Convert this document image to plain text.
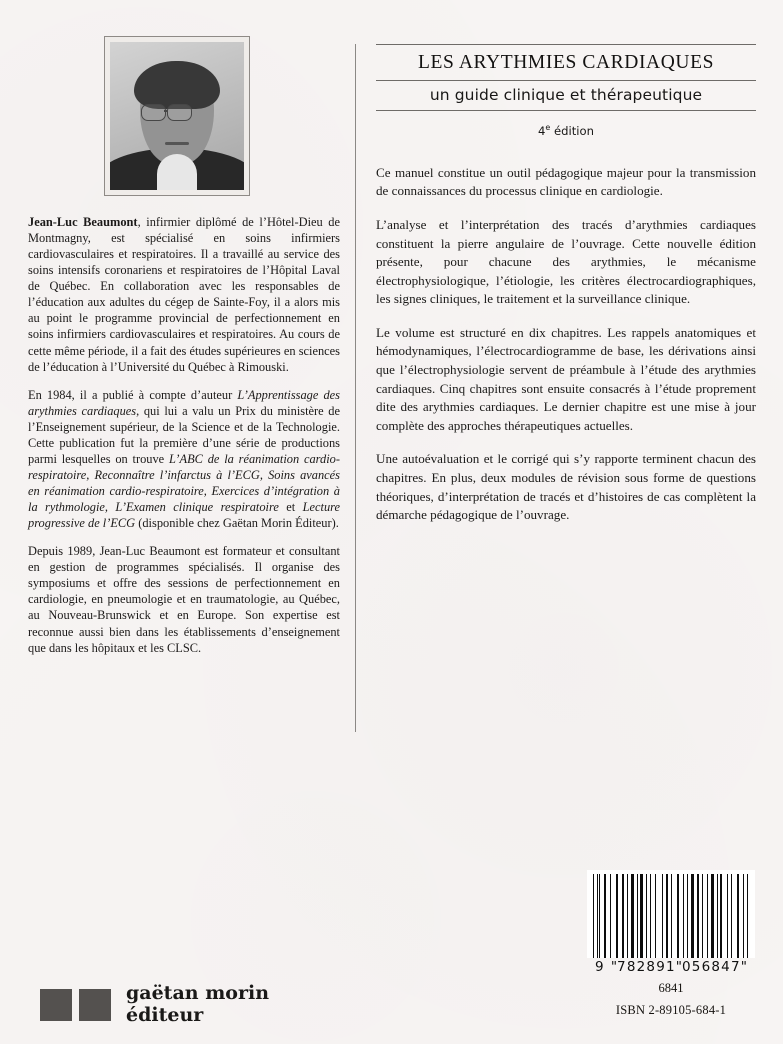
Jean-Luc Beaumont, infirmier diplômé de l’Hôtel-Dieu de Montmagny, est spécialisé en soins infirmiers cardiovasculaires et respiratoires. Il a travaillé au service des soins intensifs coronariens et respiratoires de l’Hôpital Laval de Québec. En collaboration avec les responsables de l’éducation aux adultes du cégep de Sainte-Foy, il a alors mis au point le programme provincial de perfectionnement en soins infirmiers cardiovasculaires et respiratoires. Au cours de cette même période, il a fait des études supérieures en sciences de l’éducation à l’Université du Québec à Rimouski.

En 1984, il a publié à compte d’auteur L’Apprentissage des arythmies cardiaques, qui lui a valu un Prix du ministère de l’Enseignement supérieur, de la Science et de la Technologie. Cette publication fut la première d’une série de productions parmi lesquelles on trouve L’ABC de la réanimation cardio-respiratoire, Reconnaître l’infarctus à l’ECG, Soins avancés en réanimation cardio-respiratoire, Exercices d’intégration à la rythmologie, L’Examen clinique respiratoire et Lecture progressive de l’ECG (disponible chez Gaëtan Morin Éditeur).

Depuis 1989, Jean-Luc Beaumont est formateur et consultant en gestion de programmes spécialisés. Il organise des symposiums et offre des sessions de perfectionnement en cardiologie, en pneumologie et en traumatologie, au Québec, au Nouveau-Brunswick et en Europe. Son expertise est reconnue aussi bien dans les établissements d’enseignement que dans les hôpitaux et les CLSC.

LES ARYTHMIES CARDIAQUES
un guide clinique et thérapeutique
4e édition

Ce manuel constitue un outil pédagogique majeur pour la transmission de connaissances du processus clinique en cardiologie.

L’analyse et l’interprétation des tracés d’arythmies cardiaques constituent la pierre angulaire de l’ouvrage. Cette nouvelle édition présente, pour chacune des arythmies, le mécanisme électrophysiologique, l’étiologie, les critères électrocardiographiques, les signes cliniques, le traitement et la surveillance clinique.

Le volume est structuré en dix chapitres. Les rappels anatomiques et hémodynamiques, l’électrocardiogramme de base, les dérivations ainsi que l’électrophysiologie servent de préambule à l’étude des arythmies cardiaques. Cinq chapitres sont ensuite consacrés à l’étude proprement dite des arythmies cardiaques. Le dernier chapitre est une mise à jour complète des approches thérapeutiques actuelles.

Une autoévaluation et le corrigé qui s’y rapporte terminent chacun des chapitres. En plus, deux modules de révision sous forme de questions théoriques, d’interprétation de tracés et d’histoires de cas complètent la démarche pédagogique de l’ouvrage.

gaëtan morin
éditeur
9 "782891"056847"
6841
ISBN 2-89105-684-1
